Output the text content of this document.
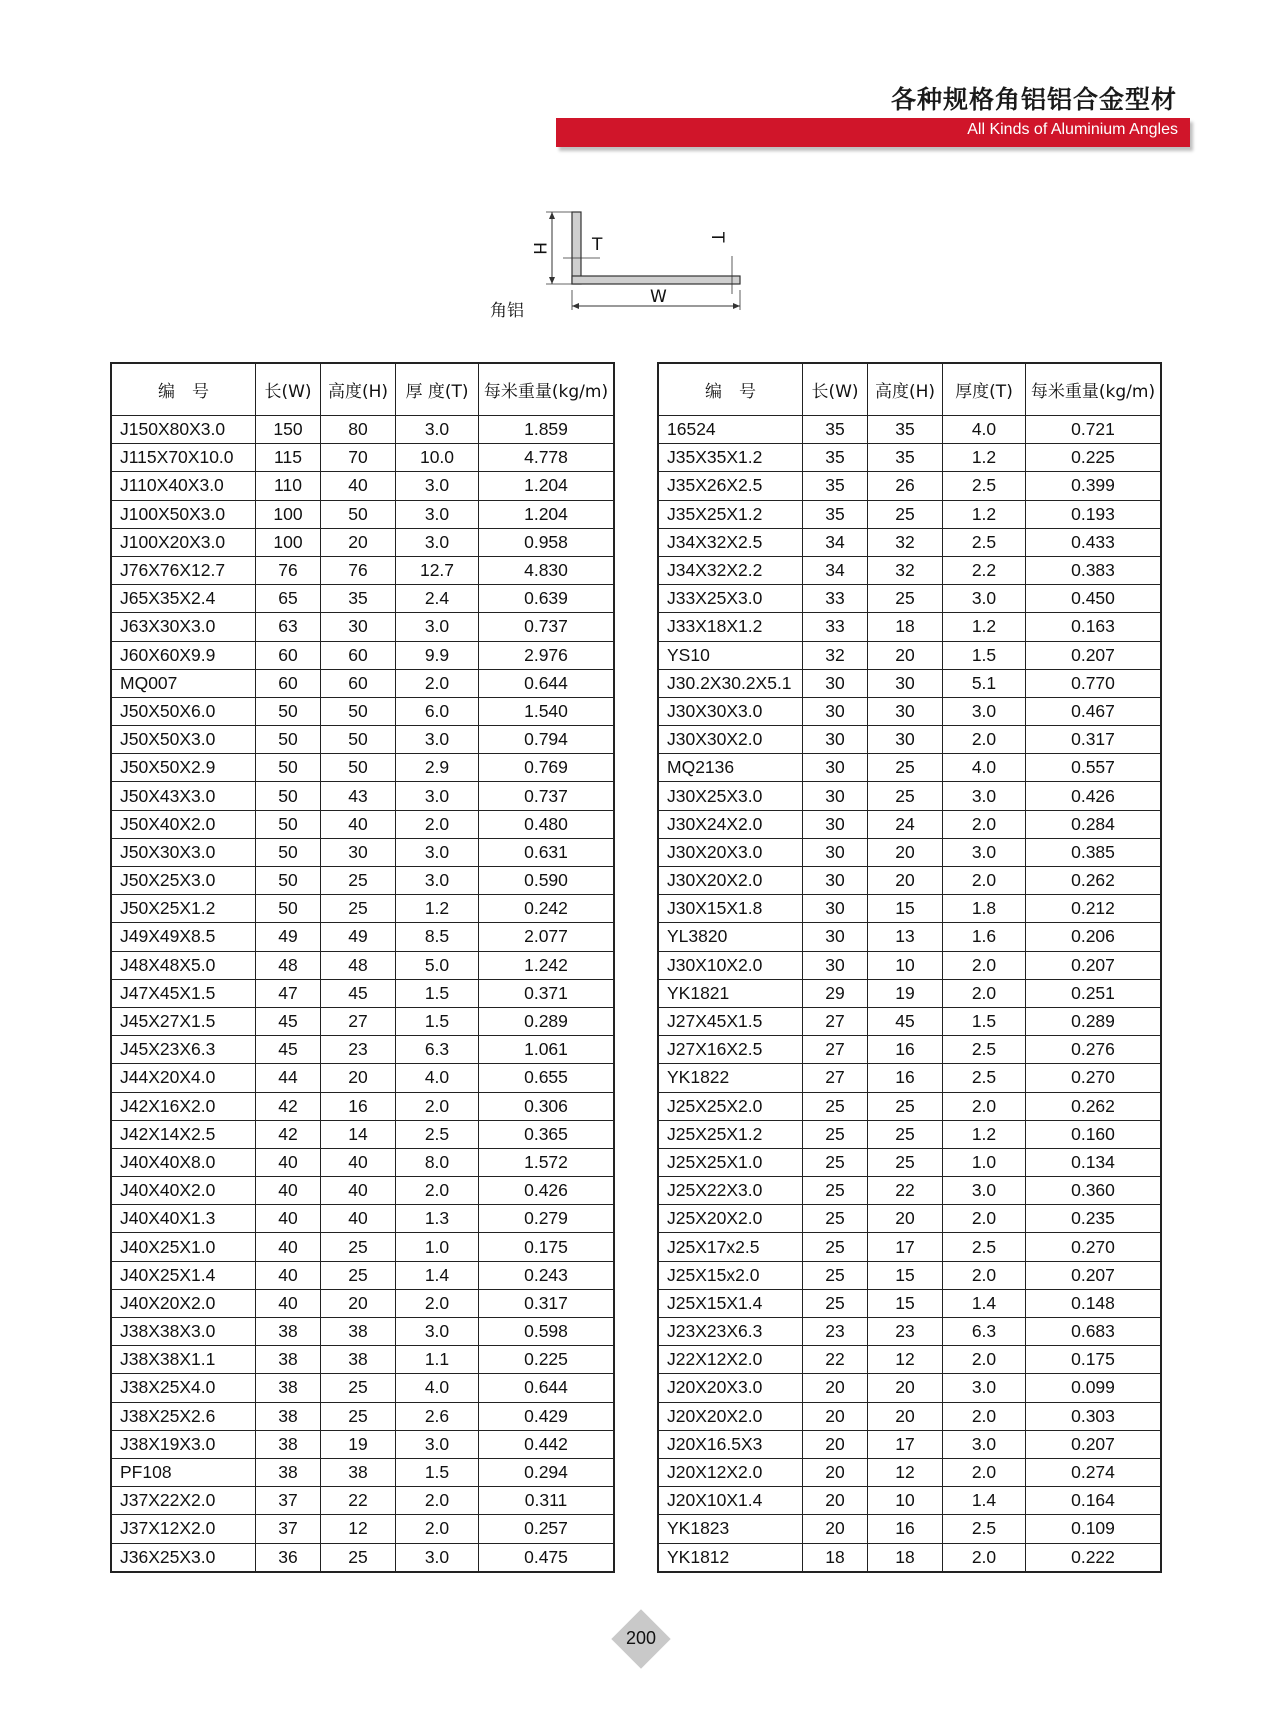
各种规格角铝铝合金型材
All Kinds of Aluminium Angles
H	T	T
W
角铝
编　号	长(W)	高度(H)	厚 度(T)	每米重量(kg/m)
J150X80X3.0	150	80	3.0	1.859
J115X70X10.0	115	70	10.0	4.778
J110X40X3.0	110	40	3.0	1.204
J100X50X3.0	100	50	3.0	1.204
J100X20X3.0	100	20	3.0	0.958
J76X76X12.7	76	76	12.7	4.830
J65X35X2.4	65	35	2.4	0.639
J63X30X3.0	63	30	3.0	0.737
J60X60X9.9	60	60	9.9	2.976
MQ007	60	60	2.0	0.644
J50X50X6.0	50	50	6.0	1.540
J50X50X3.0	50	50	3.0	0.794
J50X50X2.9	50	50	2.9	0.769
J50X43X3.0	50	43	3.0	0.737
J50X40X2.0	50	40	2.0	0.480
J50X30X3.0	50	30	3.0	0.631
J50X25X3.0	50	25	3.0	0.590
J50X25X1.2	50	25	1.2	0.242
J49X49X8.5	49	49	8.5	2.077
J48X48X5.0	48	48	5.0	1.242
J47X45X1.5	47	45	1.5	0.371
J45X27X1.5	45	27	1.5	0.289
J45X23X6.3	45	23	6.3	1.061
J44X20X4.0	44	20	4.0	0.655
J42X16X2.0	42	16	2.0	0.306
J42X14X2.5	42	14	2.5	0.365
J40X40X8.0	40	40	8.0	1.572
J40X40X2.0	40	40	2.0	0.426
J40X40X1.3	40	40	1.3	0.279
J40X25X1.0	40	25	1.0	0.175
J40X25X1.4	40	25	1.4	0.243
J40X20X2.0	40	20	2.0	0.317
J38X38X3.0	38	38	3.0	0.598
J38X38X1.1	38	38	1.1	0.225
J38X25X4.0	38	25	4.0	0.644
J38X25X2.6	38	25	2.6	0.429
J38X19X3.0	38	19	3.0	0.442
PF108	38	38	1.5	0.294
J37X22X2.0	37	22	2.0	0.311
J37X12X2.0	37	12	2.0	0.257
J36X25X3.0	36	25	3.0	0.475
编　号	长(W)	高度(H)	厚度(T)	每米重量(kg/m)
16524	35	35	4.0	0.721
J35X35X1.2	35	35	1.2	0.225
J35X26X2.5	35	26	2.5	0.399
J35X25X1.2	35	25	1.2	0.193
J34X32X2.5	34	32	2.5	0.433
J34X32X2.2	34	32	2.2	0.383
J33X25X3.0	33	25	3.0	0.450
J33X18X1.2	33	18	1.2	0.163
YS10	32	20	1.5	0.207
J30.2X30.2X5.1	30	30	5.1	0.770
J30X30X3.0	30	30	3.0	0.467
J30X30X2.0	30	30	2.0	0.317
MQ2136	30	25	4.0	0.557
J30X25X3.0	30	25	3.0	0.426
J30X24X2.0	30	24	2.0	0.284
J30X20X3.0	30	20	3.0	0.385
J30X20X2.0	30	20	2.0	0.262
J30X15X1.8	30	15	1.8	0.212
YL3820	30	13	1.6	0.206
J30X10X2.0	30	10	2.0	0.207
YK1821	29	19	2.0	0.251
J27X45X1.5	27	45	1.5	0.289
J27X16X2.5	27	16	2.5	0.276
YK1822	27	16	2.5	0.270
J25X25X2.0	25	25	2.0	0.262
J25X25X1.2	25	25	1.2	0.160
J25X25X1.0	25	25	1.0	0.134
J25X22X3.0	25	22	3.0	0.360
J25X20X2.0	25	20	2.0	0.235
J25X17x2.5	25	17	2.5	0.270
J25X15x2.0	25	15	2.0	0.207
J25X15X1.4	25	15	1.4	0.148
J23X23X6.3	23	23	6.3	0.683
J22X12X2.0	22	12	2.0	0.175
J20X20X3.0	20	20	3.0	0.099
J20X20X2.0	20	20	2.0	0.303
J20X16.5X3	20	17	3.0	0.207
J20X12X2.0	20	12	2.0	0.274
J20X10X1.4	20	10	1.4	0.164
YK1823	20	16	2.5	0.109
YK1812	18	18	2.0	0.222
200
